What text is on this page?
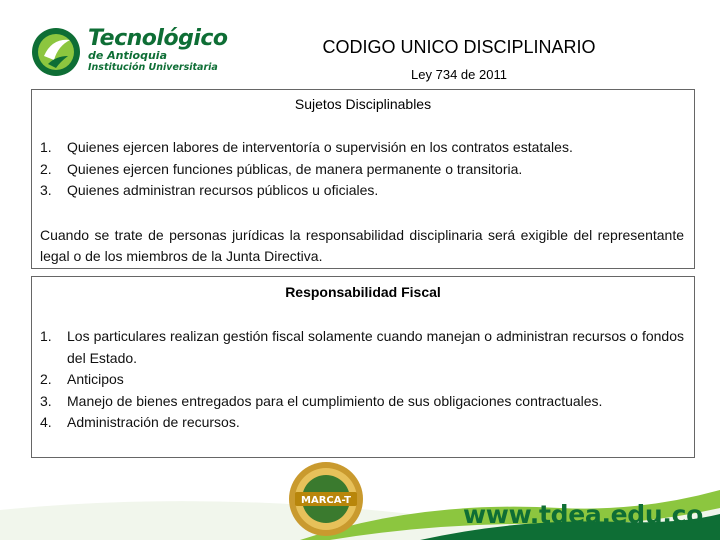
Tecnológico
de Antioquia
Institución Universitaria
CODIGO UNICO DISCIPLINARIO
Ley 734 de 2011
Sujetos Disciplinables
1. Quienes ejercen labores de interventoría o supervisión en los contratos estatales.
2. Quienes ejercen funciones públicas, de manera permanente o transitoria.
3. Quienes administran recursos públicos u oficiales.

Cuando se trate de personas jurídicas la responsabilidad disciplinaria será exigible del representante legal o de los miembros de la Junta Directiva.

Responsabilidad Fiscal
1. Los particulares realizan gestión fiscal solamente cuando manejan o administran recursos o fondos del Estado.
2. Anticipos
3. Manejo de bienes entregados para el cumplimiento de sus obligaciones contractuales.
4. Administración de recursos.
MARCA-T	www.tdea.edu.co
